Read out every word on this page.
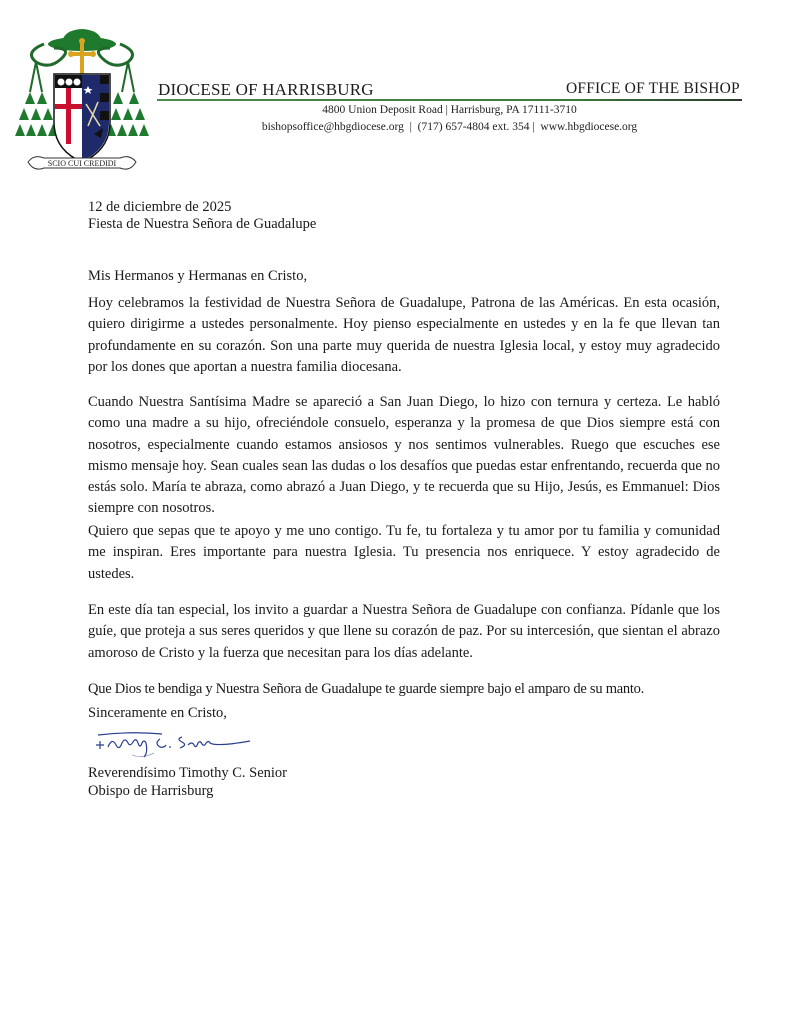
SCIO CUI CREDIDI
DIOCESE OF HARRISBURG	OFFICE OF THE BISHOP
4800 Union Deposit Road | Harrisburg, PA 17111-3710
bishopsoffice@hbgdiocese.org  |  (717) 657-4804 ext. 354 |  www.hbgdiocese.org
12 de diciembre de 2025
Fiesta de Nuestra Señora de Guadalupe
Mis Hermanos y Hermanas en Cristo,
Hoy celebramos la festividad de Nuestra Señora de Guadalupe, Patrona de las Américas. En esta ocasión, quiero dirigirme a ustedes personalmente. Hoy pienso especialmente en ustedes y en la fe que llevan tan profundamente en su corazón. Son una parte muy querida de nuestra Iglesia local, y estoy muy agradecido por los dones que aportan a nuestra familia diocesana.
Cuando Nuestra Santísima Madre se apareció a San Juan Diego, lo hizo con ternura y certeza. Le habló como una madre a su hijo, ofreciéndole consuelo, esperanza y la promesa de que Dios siempre está con nosotros, especialmente cuando estamos ansiosos y nos sentimos vulnerables. Ruego que escuches ese mismo mensaje hoy. Sean cuales sean las dudas o los desafíos que puedas estar enfrentando, recuerda que no estás solo. María te abraza, como abrazó a Juan Diego, y te recuerda que su Hijo, Jesús, es Emmanuel: Dios siempre con nosotros.
Quiero que sepas que te apoyo y me uno contigo. Tu fe, tu fortaleza y tu amor por tu familia y comunidad me inspiran. Eres importante para nuestra Iglesia. Tu presencia nos enriquece. Y estoy agradecido de ustedes.
En este día tan especial, los invito a guardar a Nuestra Señora de Guadalupe con confianza. Pídanle que los guíe, que proteja a sus seres queridos y que llene su corazón de paz. Por su intercesión, que sientan el abrazo amoroso de Cristo y la fuerza que necesitan para los días adelante.
Que Dios te bendiga y Nuestra Señora de Guadalupe te guarde siempre bajo el amparo de su manto.
Sinceramente en Cristo,
Reverendísimo Timothy C. Senior
Obispo de Harrisburg
